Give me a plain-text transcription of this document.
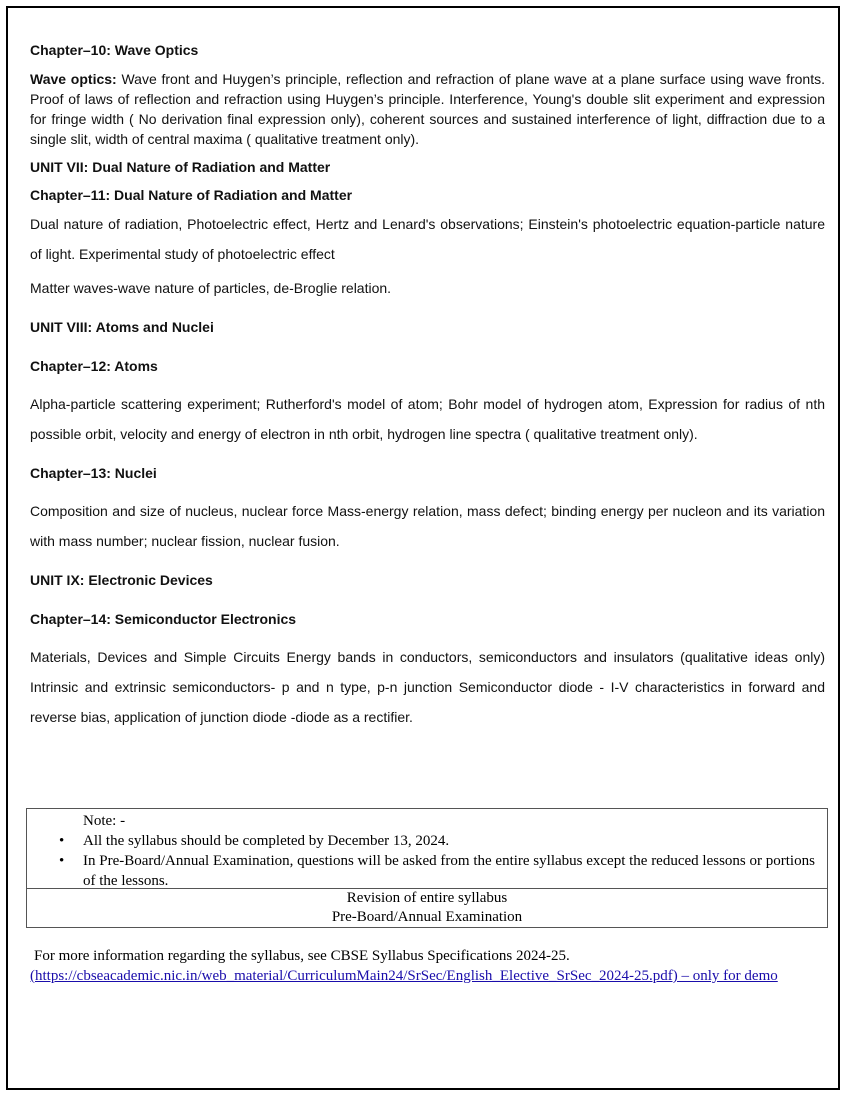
Chapter–10: Wave Optics

Wave optics: Wave front and Huygen’s principle, reflection and refraction of plane wave at a plane surface using wave fronts. Proof of laws of reflection and refraction using Huygen’s principle. Interference, Young's double slit experiment and expression for fringe width ( No derivation final expression only), coherent sources and sustained interference of light, diffraction due to a single slit, width of central maxima ( qualitative treatment only).

UNIT VII: Dual Nature of Radiation and Matter

Chapter–11: Dual Nature of Radiation and Matter

Dual nature of radiation, Photoelectric effect, Hertz and Lenard's observations; Einstein's photoelectric equation-particle nature of light. Experimental study of photoelectric effect

Matter waves-wave nature of particles, de-Broglie relation.

UNIT VIII: Atoms and Nuclei

Chapter–12: Atoms

Alpha-particle scattering experiment; Rutherford's model of atom; Bohr model of hydrogen atom, Expression for radius of nth possible orbit, velocity and energy of electron in nth orbit, hydrogen line spectra ( qualitative treatment only).

Chapter–13: Nuclei

Composition and size of nucleus, nuclear force Mass-energy relation, mass defect; binding energy per nucleon and its variation with mass number; nuclear fission, nuclear fusion.

UNIT IX: Electronic Devices

Chapter–14: Semiconductor Electronics

Materials, Devices and Simple Circuits Energy bands in conductors, semiconductors and insulators (qualitative ideas only) Intrinsic and extrinsic semiconductors- p and n type, p-n junction Semiconductor diode - I-V characteristics in forward and reverse bias, application of junction diode -diode as a rectifier.

Note: -
• All the syllabus should be completed by December 13, 2024.
• In Pre-Board/Annual Examination, questions will be asked from the entire syllabus except the reduced lessons or portions of the lessons.
Revision of entire syllabus
Pre-Board/Annual Examination
For more information regarding the syllabus, see CBSE Syllabus Specifications 2024-25.
(https://cbseacademic.nic.in/web_material/CurriculumMain24/SrSec/English_Elective_SrSec_2024-25.pdf) – only for demo
